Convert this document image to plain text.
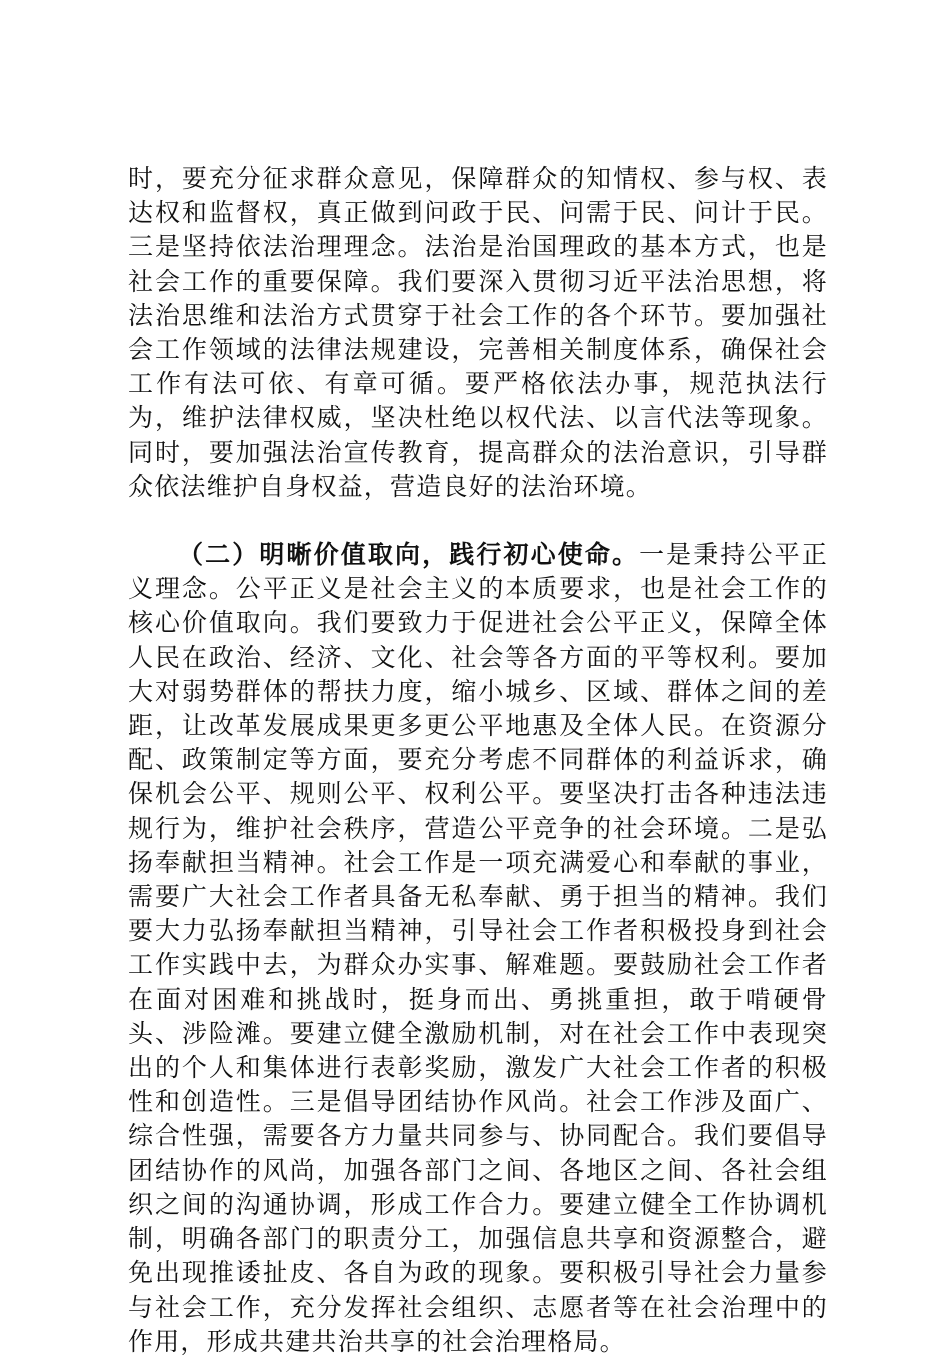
时，要充分征求群众意见，保障群众的知情权、参与权、表达权和监督权，真正做到问政于民、问需于民、问计于民。三是坚持依法治理理念。法治是治国理政的基本方式，也是社会工作的重要保障。我们要深入贯彻习近平法治思想，将法治思维和法治方式贯穿于社会工作的各个环节。要加强社会工作领域的法律法规建设，完善相关制度体系，确保社会工作有法可依、有章可循。要严格依法办事，规范执法行为，维护法律权威，坚决杜绝以权代法、以言代法等现象。同时，要加强法治宣传教育，提高群众的法治意识，引导群众依法维护自身权益，营造良好的法治环境。

（二）明晰价值取向，践行初心使命。一是秉持公平正义理念。公平正义是社会主义的本质要求，也是社会工作的核心价值取向。我们要致力于促进社会公平正义，保障全体人民在政治、经济、文化、社会等各方面的平等权利。要加大对弱势群体的帮扶力度，缩小城乡、区域、群体之间的差距，让改革发展成果更多更公平地惠及全体人民。在资源分配、政策制定等方面，要充分考虑不同群体的利益诉求，确保机会公平、规则公平、权利公平。要坚决打击各种违法违规行为，维护社会秩序，营造公平竞争的社会环境。二是弘扬奉献担当精神。社会工作是一项充满爱心和奉献的事业，需要广大社会工作者具备无私奉献、勇于担当的精神。我们要大力弘扬奉献担当精神，引导社会工作者积极投身到社会工作实践中去，为群众办实事、解难题。要鼓励社会工作者在面对困难和挑战时，挺身而出、勇挑重担，敢于啃硬骨头、涉险滩。要建立健全激励机制，对在社会工作中表现突出的个人和集体进行表彰奖励，激发广大社会工作者的积极性和创造性。三是倡导团结协作风尚。社会工作涉及面广、综合性强，需要各方力量共同参与、协同配合。我们要倡导团结协作的风尚，加强各部门之间、各地区之间、各社会组织之间的沟通协调，形成工作合力。要建立健全工作协调机制，明确各部门的职责分工，加强信息共享和资源整合，避免出现推诿扯皮、各自为政的现象。要积极引导社会力量参与社会工作，充分发挥社会组织、志愿者等在社会治理中的作用，形成共建共治共享的社会治理格局。
